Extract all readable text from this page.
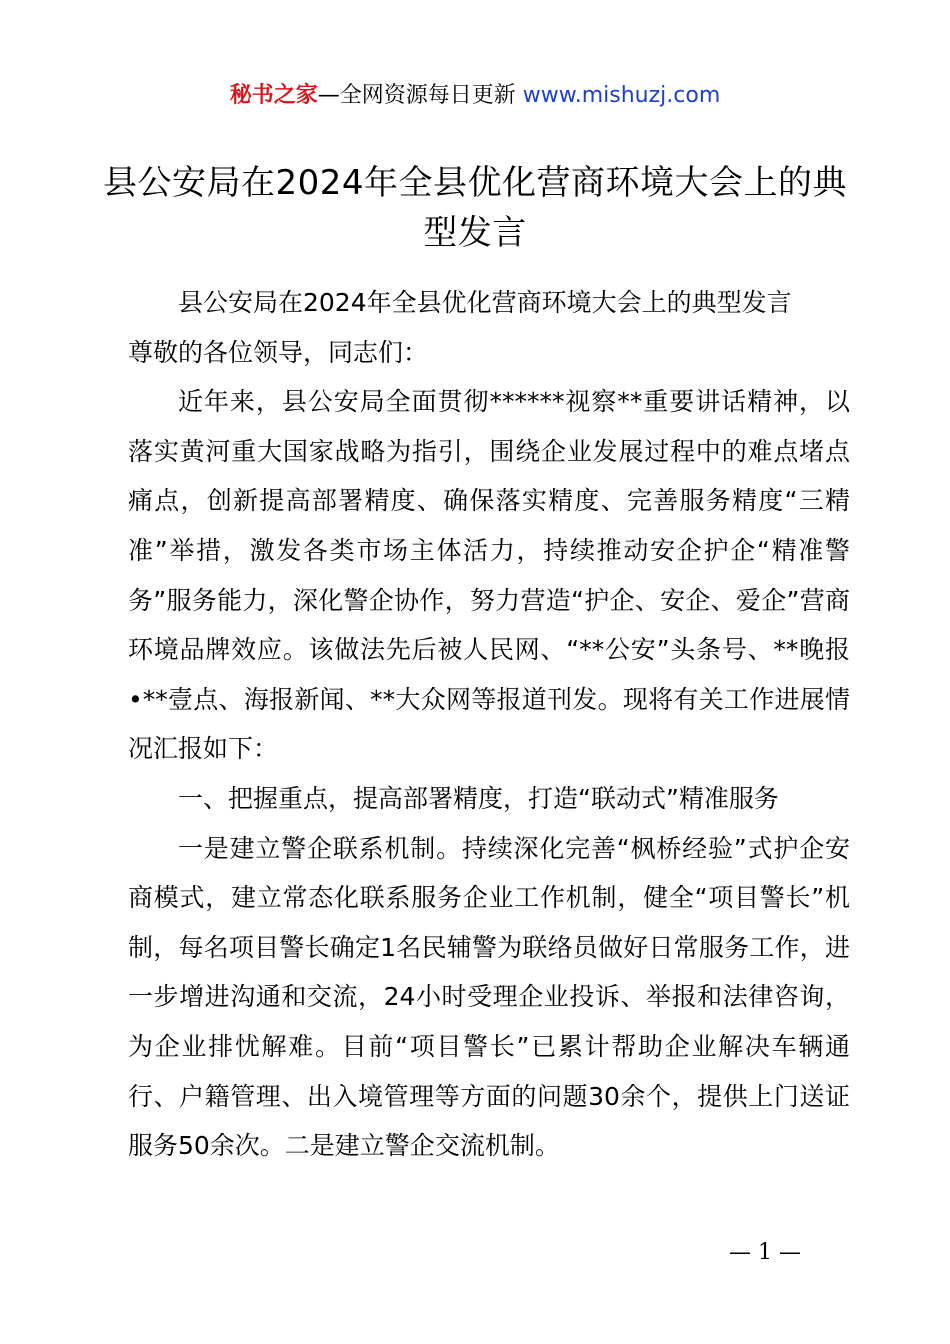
秘书之家—全网资源每日更新 www.mishuzj.com
县公安局在2024年全县优化营商环境大会上的典型发言

县公安局在2024年全县优化营商环境大会上的典型发言

尊敬的各位领导，同志们：

近年来，县公安局全面贯彻******视察**重要讲话精神，以落实黄河重大国家战略为指引，围绕企业发展过程中的难点堵点痛点，创新提高部署精度、确保落实精度、完善服务精度“三精准”举措，激发各类市场主体活力，持续推动安企护企“精准警务”服务能力，深化警企协作，努力营造“护企、安企、爱企”营商环境品牌效应。该做法先后被人民网、“**公安”头条号、**晚报•**壹点、海报新闻、**大众网等报道刊发。现将有关工作进展情况汇报如下：

一、把握重点，提高部署精度，打造“联动式”精准服务

一是建立警企联系机制。持续深化完善“枫桥经验”式护企安商模式，建立常态化联系服务企业工作机制，健全“项目警长”机制，每名项目警长确定1名民辅警为联络员做好日常服务工作，进一步增进沟通和交流，24小时受理企业投诉、举报和法律咨询，为企业排忧解难。目前“项目警长”已累计帮助企业解决车辆通行、户籍管理、出入境管理等方面的问题30余个，提供上门送证服务50余次。二是建立警企交流机制。

— 1 —
